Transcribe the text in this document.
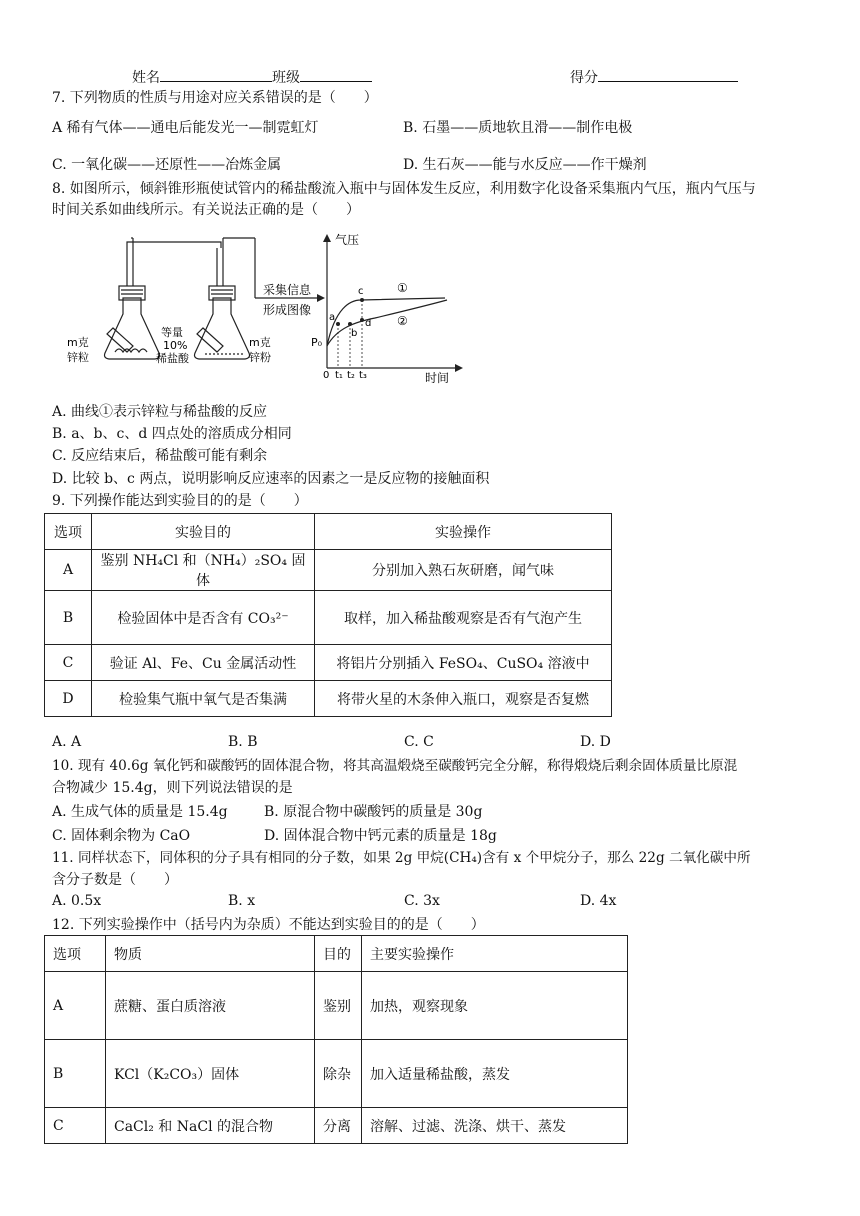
姓名	班级	得分
7. 下列物质的性质与用途对应关系错误的是（　　）
A 稀有气体——通电后能发光一—制霓虹灯	B. 石墨——质地软且滑——制作电极
C. 一氧化碳——还原性——冶炼金属	D. 生石灰——能与水反应——作干燥剂
8. 如图所示，倾斜锥形瓶使试管内的稀盐酸流入瓶中与固体发生反应，利用数字化设备采集瓶内气压，瓶内气压与
时间关系如曲线所示。有关说法正确的是（　　）
采集信息
形成图像
m克
锌粒
等量
10%
稀盐酸
m克
锌粉
气压
时间
P₀
0 t₁ t₂ t₃
a
b
c
d
①
②
A. 曲线①表示锌粒与稀盐酸的反应
B. a、b、c、d 四点处的溶质成分相同
C. 反应结束后，稀盐酸可能有剩余
D. 比较 b、c 两点，说明影响反应速率的因素之一是反应物的接触面积
9. 下列操作能达到实验目的的是（　　）
选项	实验目的	实验操作
A	鉴别 NH₄Cl 和（NH₄）₂SO₄ 固体	分别加入熟石灰研磨，闻气味
B	检验固体中是否含有 CO₃²⁻	取样，加入稀盐酸观察是否有气泡产生
C	验证 Al、Fe、Cu 金属活动性	将铝片分别插入 FeSO₄、CuSO₄ 溶液中
D	检验集气瓶中氧气是否集满	将带火星的木条伸入瓶口，观察是否复燃
A. A	B. B	C. C	D. D
10. 现有 40.6g 氧化钙和碳酸钙的固体混合物，将其高温煅烧至碳酸钙完全分解，称得煅烧后剩余固体质量比原混
合物减少 15.4g，则下列说法错误的是
A. 生成气体的质量是 15.4g	B. 原混合物中碳酸钙的质量是 30g
C. 固体剩余物为 CaO	D. 固体混合物中钙元素的质量是 18g
11. 同样状态下，同体积的分子具有相同的分子数，如果 2g 甲烷(CH₄)含有 x 个甲烷分子，那么 22g 二氧化碳中所
含分子数是（　　）
A. 0.5x	B. x	C. 3x	D. 4x
12. 下列实验操作中（括号内为杂质）不能达到实验目的的是（　　）
选项	物质	目的	主要实验操作
A	蔗糖、蛋白质溶液	鉴别	加热，观察现象
B	KCl（K₂CO₃）固体	除杂	加入适量稀盐酸，蒸发
C	CaCl₂ 和 NaCl 的混合物	分离	溶解、过滤、洗涤、烘干、蒸发
